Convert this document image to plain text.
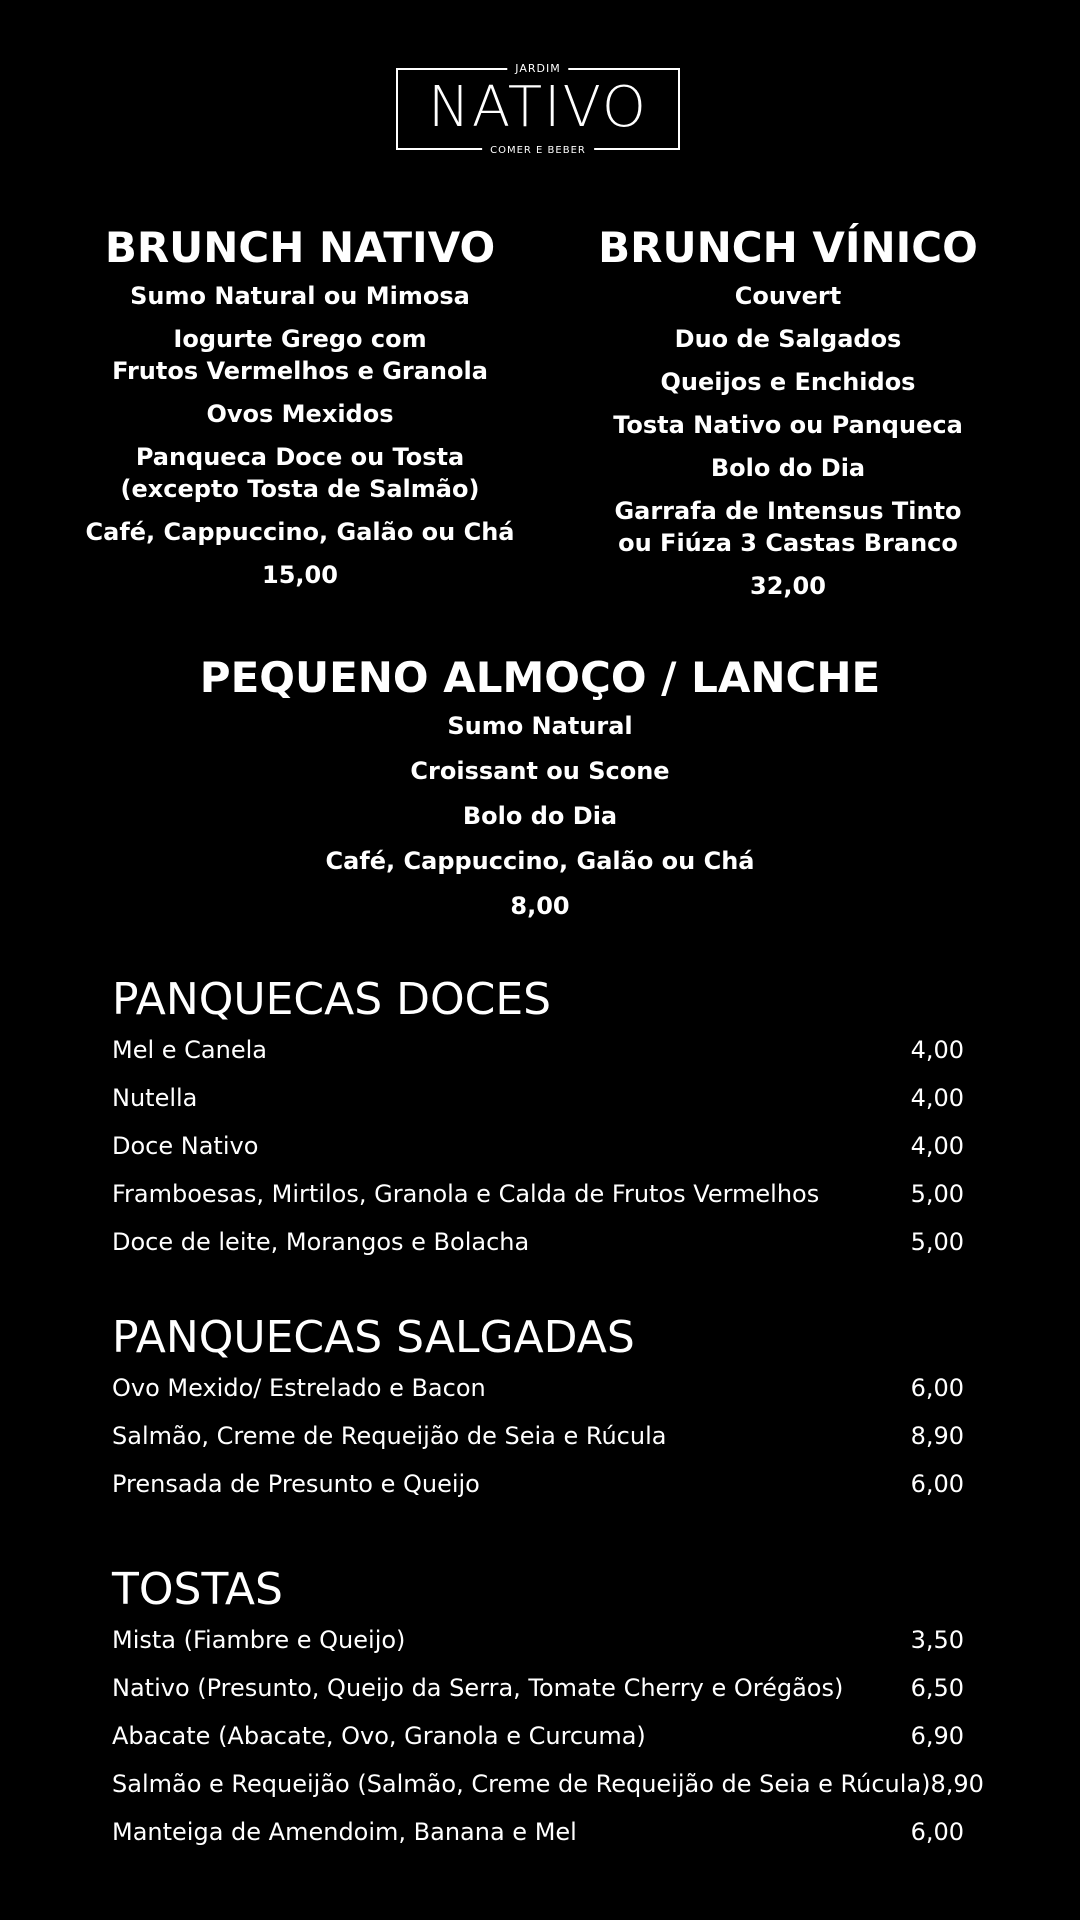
JARDIM
NATIVO
COMER E BEBER
BRUNCH NATIVO
Sumo Natural ou Mimosa
Iogurte Grego com
Frutos Vermelhos e Granola
Ovos Mexidos
Panqueca Doce ou Tosta
(excepto Tosta de Salmão)
Café, Cappuccino, Galão ou Chá
15,00
BRUNCH VÍNICO
Couvert
Duo de Salgados
Queijos e Enchidos
Tosta Nativo ou Panqueca
Bolo do Dia
Garrafa de Intensus Tinto
ou Fiúza 3 Castas Branco
32,00
PEQUENO ALMOÇO / LANCHE
Sumo Natural
Croissant ou Scone
Bolo do Dia
Café, Cappuccino, Galão ou Chá
8,00
PANQUECAS DOCES
Mel e Canela	4,00
Nutella	4,00
Doce Nativo	4,00
Framboesas, Mirtilos, Granola e Calda de Frutos Vermelhos	5,00
Doce de leite, Morangos e Bolacha	5,00
PANQUECAS SALGADAS
Ovo Mexido/ Estrelado e Bacon	6,00
Salmão, Creme de Requeijão de Seia e Rúcula	8,90
Prensada de Presunto e Queijo	6,00
TOSTAS
Mista (Fiambre e Queijo)	3,50
Nativo (Presunto, Queijo da Serra, Tomate Cherry e Orégãos)	6,50
Abacate (Abacate, Ovo, Granola e Curcuma)	6,90
Salmão e Requeijão (Salmão, Creme de Requeijão de Seia e Rúcula) 8,90
Manteiga de Amendoim, Banana e Mel	6,00
